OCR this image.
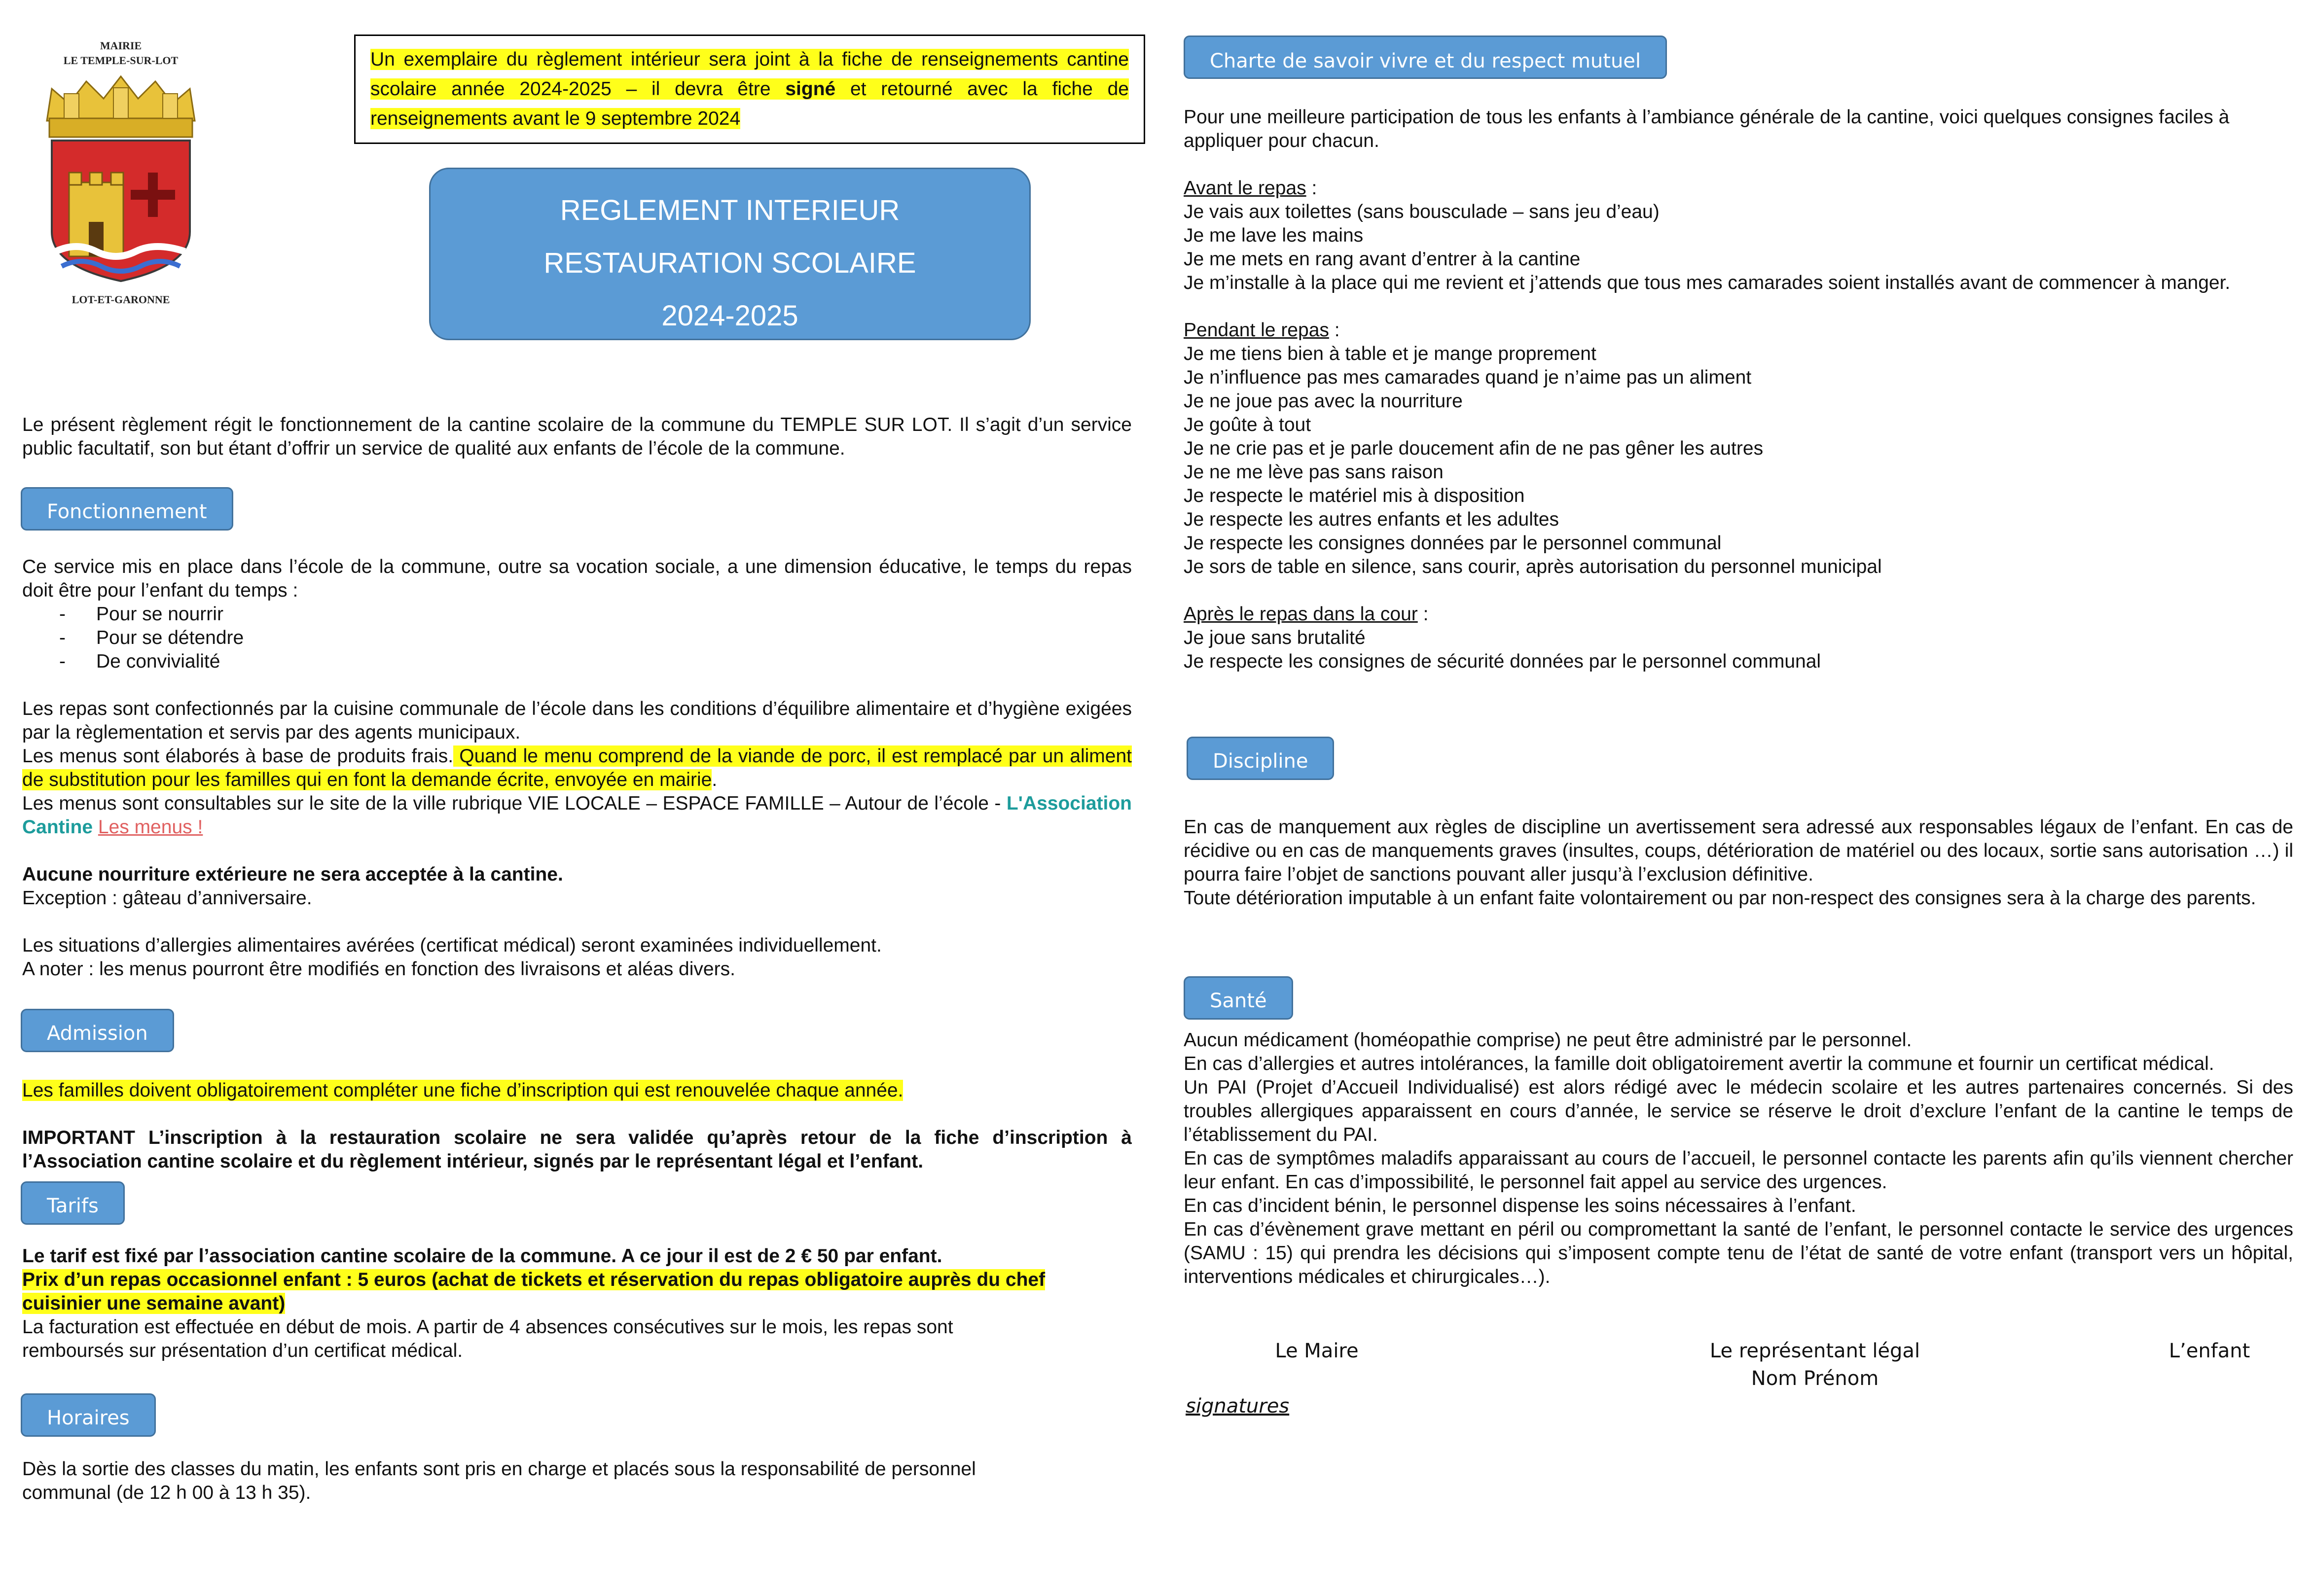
MAIRIE
LE TEMPLE-SUR-LOT
LOT-ET-GARONNE
Un exemplaire du règlement intérieur sera joint à la fiche de renseignements cantine scolaire année 2024-2025 – il devra être signé et retourné avec la fiche de renseignements avant le 9 septembre 2024
REGLEMENT INTERIEUR
RESTAURATION SCOLAIRE
2024-2025
Le présent règlement régit le fonctionnement de la cantine scolaire de la commune du TEMPLE SUR LOT. Il s’agit d’un service public facultatif, son but étant d’offrir un service de qualité aux enfants de l’école de la commune.
Fonctionnement
Ce service mis en place dans l’école de la commune, outre sa vocation sociale, a une dimension éducative, le temps du repas doit être pour l’enfant du temps :
- Pour se nourrir
- Pour se détendre
- De convivialité
Les repas sont confectionnés par la cuisine communale de l’école dans les conditions d’équilibre alimentaire et d’hygiène exigées par la règlementation et servis par des agents municipaux.
Les menus sont élaborés à base de produits frais. Quand le menu comprend de la viande de porc, il est remplacé par un aliment de substitution pour les familles qui en font la demande écrite, envoyée en mairie.
Les menus sont consultables sur le site de la ville rubrique VIE LOCALE – ESPACE FAMILLE – Autour de l’école - L'Association Cantine Les menus !
Aucune nourriture extérieure ne sera acceptée à la cantine.
Exception : gâteau d’anniversaire.
Les situations d’allergies alimentaires avérées (certificat médical) seront examinées individuellement.
A noter : les menus pourront être modifiés en fonction des livraisons et aléas divers.
Admission
Les familles doivent obligatoirement compléter une fiche d’inscription qui est renouvelée chaque année.
IMPORTANT L’inscription à la restauration scolaire ne sera validée qu’après retour de la fiche d’inscription à l’Association cantine scolaire et du règlement intérieur, signés par le représentant légal et l’enfant.
Tarifs
Le tarif est fixé par l’association cantine scolaire de la commune. A ce jour il est de 2 € 50 par enfant.
Prix d’un repas occasionnel enfant : 5 euros (achat de tickets et réservation du repas obligatoire auprès du chef cuisinier une semaine avant)
La facturation est effectuée en début de mois. A partir de 4 absences consécutives sur le mois, les repas sont remboursés sur présentation d’un certificat médical.
Horaires
Dès la sortie des classes du matin, les enfants sont pris en charge et placés sous la responsabilité de personnel communal (de 12 h 00 à 13 h 35).
Charte de savoir vivre et du respect mutuel
Pour une meilleure participation de tous les enfants à l’ambiance générale de la cantine, voici quelques consignes faciles à appliquer pour chacun.
Avant le repas :
Je vais aux toilettes (sans bousculade – sans jeu d’eau)
Je me lave les mains
Je me mets en rang avant d’entrer à la cantine
Je m’installe à la place qui me revient et j’attends que tous mes camarades soient installés avant de commencer à manger.
Pendant le repas :
Je me tiens bien à table et je mange proprement
Je n’influence pas mes camarades quand je n’aime pas un aliment
Je ne joue pas avec la nourriture
Je goûte à tout
Je ne crie pas et je parle doucement afin de ne pas gêner les autres
Je ne me lève pas sans raison
Je respecte le matériel mis à disposition
Je respecte les autres enfants et les adultes
Je respecte les consignes données par le personnel communal
Je sors de table en silence, sans courir, après autorisation du personnel municipal
Après le repas dans la cour :
Je joue sans brutalité
Je respecte les consignes de sécurité données par le personnel communal
Discipline
En cas de manquement aux règles de discipline un avertissement sera adressé aux responsables légaux de l’enfant. En cas de récidive ou en cas de manquements graves (insultes, coups, détérioration de matériel ou des locaux, sortie sans autorisation …) il pourra faire l’objet de sanctions pouvant aller jusqu’à l’exclusion définitive.
Toute détérioration imputable à un enfant faite volontairement ou par non-respect des consignes sera à la charge des parents.
Santé
Aucun médicament (homéopathie comprise) ne peut être administré par le personnel.
En cas d’allergies et autres intolérances, la famille doit obligatoirement avertir la commune et fournir un certificat médical.
Un PAI (Projet d’Accueil Individualisé) est alors rédigé avec le médecin scolaire et les autres partenaires concernés. Si des troubles allergiques apparaissent en cours d’année, le service se réserve le droit d’exclure l’enfant de la cantine le temps de l’établissement du PAI.
En cas de symptômes maladifs apparaissant au cours de l’accueil, le personnel contacte les parents afin qu’ils viennent chercher leur enfant. En cas d’impossibilité, le personnel fait appel au service des urgences.
En cas d’incident bénin, le personnel dispense les soins nécessaires à l’enfant.
En cas d’évènement grave mettant en péril ou compromettant la santé de l’enfant, le personnel contacte le service des urgences (SAMU : 15) qui prendra les décisions qui s’imposent compte tenu de l’état de santé de votre enfant (transport vers un hôpital, interventions médicales et chirurgicales…).
Le Maire	Le représentant légal
Nom Prénom
L’enfant
signatures
